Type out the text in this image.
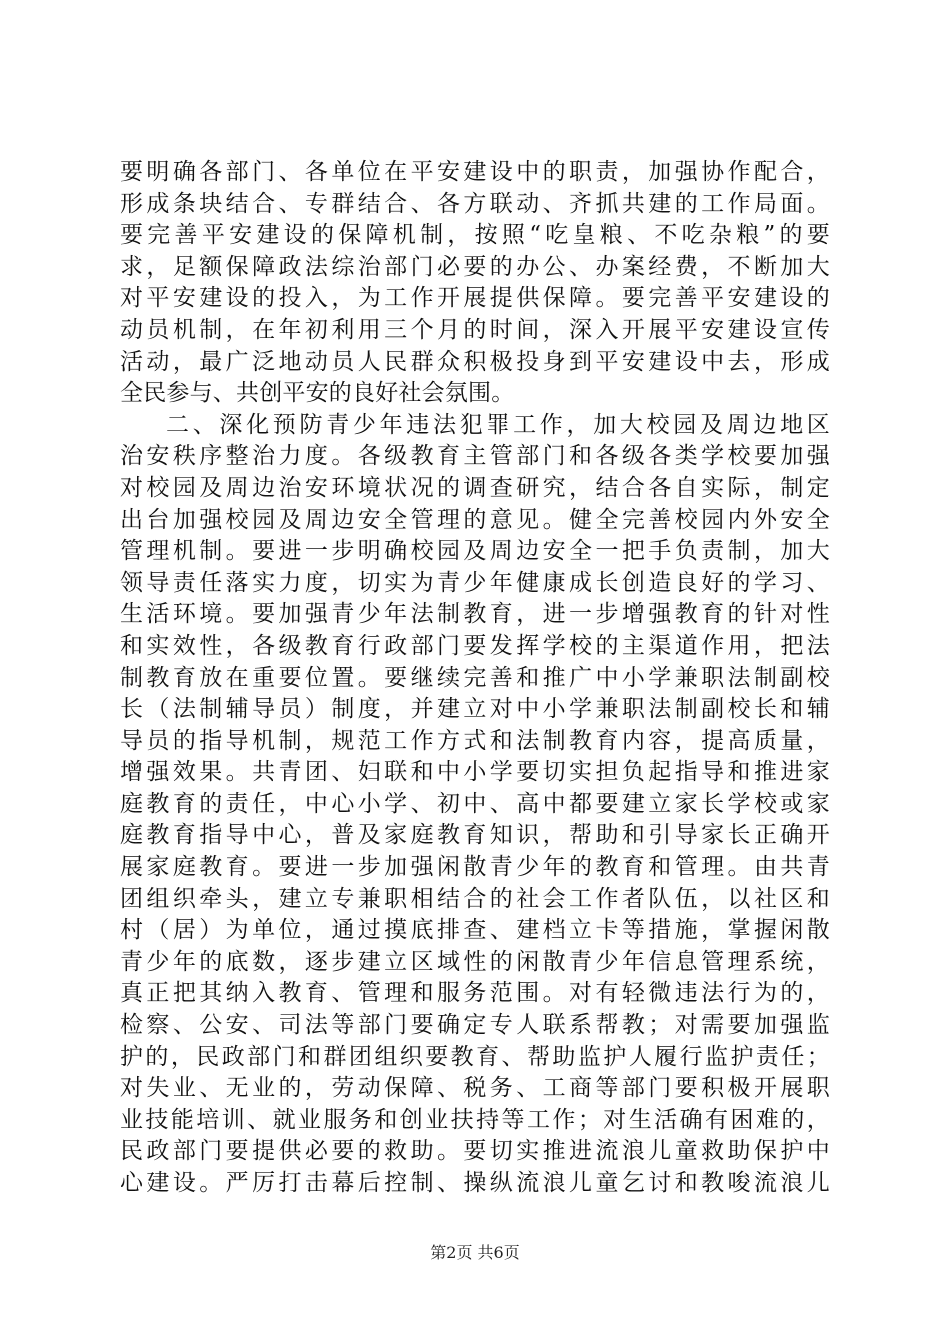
要明确各部门、各单位在平安建设中的职责，加强协作配合，
形成条块结合、专群结合、各方联动、齐抓共建的工作局面。
要完善平安建设的保障机制，按照“吃皇粮、不吃杂粮”的要
求，足额保障政法综治部门必要的办公、办案经费，不断加大
对平安建设的投入，为工作开展提供保障。要完善平安建设的
动员机制，在年初利用三个月的时间，深入开展平安建设宣传
活动，最广泛地动员人民群众积极投身到平安建设中去，形成
全民参与、共创平安的良好社会氛围。
二、深化预防青少年违法犯罪工作，加大校园及周边地区
治安秩序整治力度。各级教育主管部门和各级各类学校要加强
对校园及周边治安环境状况的调查研究，结合各自实际，制定
出台加强校园及周边安全管理的意见。健全完善校园内外安全
管理机制。要进一步明确校园及周边安全一把手负责制，加大
领导责任落实力度，切实为青少年健康成长创造良好的学习、
生活环境。要加强青少年法制教育，进一步增强教育的针对性
和实效性，各级教育行政部门要发挥学校的主渠道作用，把法
制教育放在重要位置。要继续完善和推广中小学兼职法制副校
长（法制辅导员）制度，并建立对中小学兼职法制副校长和辅
导员的指导机制，规范工作方式和法制教育内容，提高质量，
增强效果。共青团、妇联和中小学要切实担负起指导和推进家
庭教育的责任，中心小学、初中、高中都要建立家长学校或家
庭教育指导中心，普及家庭教育知识，帮助和引导家长正确开
展家庭教育。要进一步加强闲散青少年的教育和管理。由共青
团组织牵头，建立专兼职相结合的社会工作者队伍，以社区和
村（居）为单位，通过摸底排查、建档立卡等措施，掌握闲散
青少年的底数，逐步建立区域性的闲散青少年信息管理系统，
真正把其纳入教育、管理和服务范围。对有轻微违法行为的，
检察、公安、司法等部门要确定专人联系帮教；对需要加强监
护的，民政部门和群团组织要教育、帮助监护人履行监护责任；
对失业、无业的，劳动保障、税务、工商等部门要积极开展职
业技能培训、就业服务和创业扶持等工作；对生活确有困难的，
民政部门要提供必要的救助。要切实推进流浪儿童救助保护中
心建设。严厉打击幕后控制、操纵流浪儿童乞讨和教唆流浪儿
第2页 共6页
